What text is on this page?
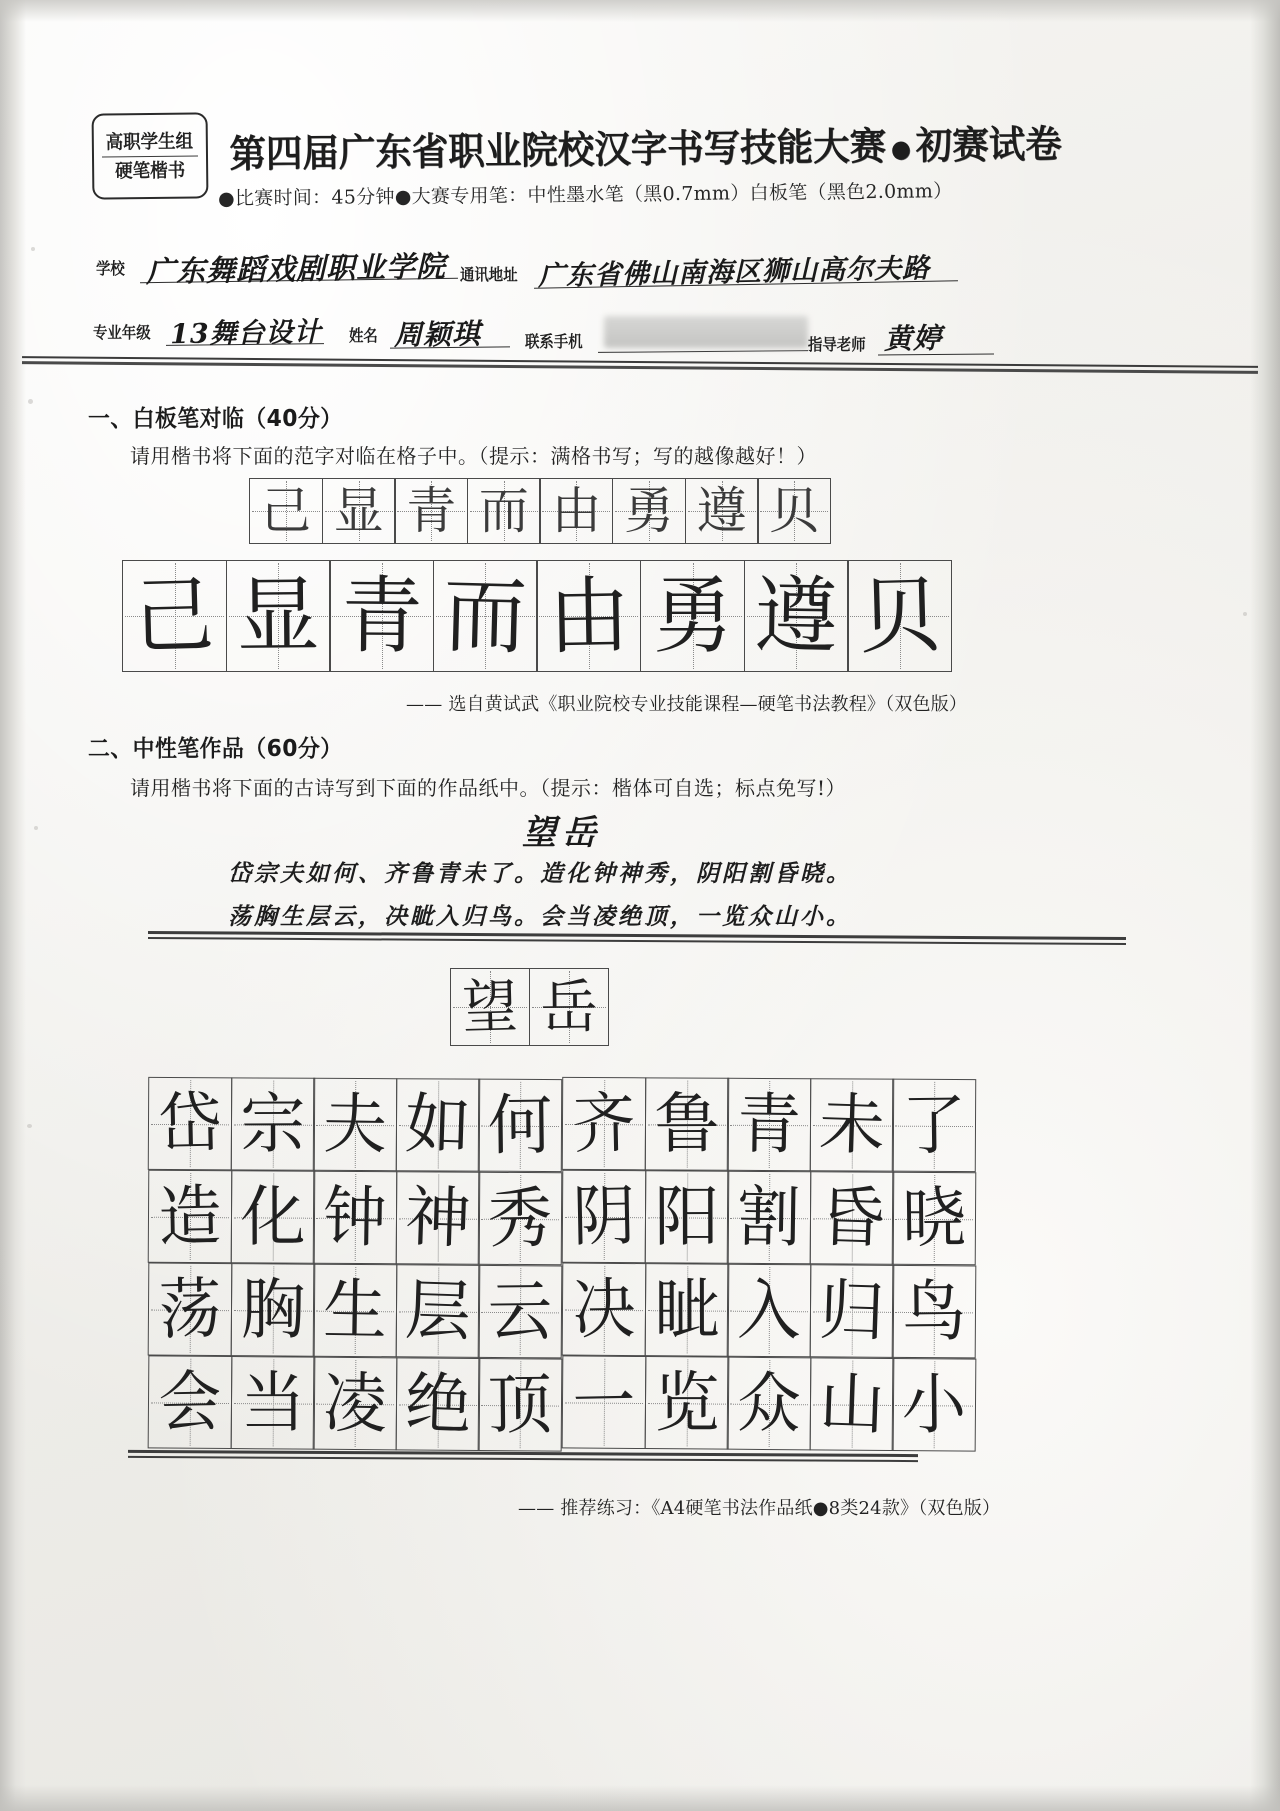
高职学生组
硬笔楷书 第四届广东省职业院校汉字书写技能大赛 ● 初赛试卷
●比赛时间：45分钟●大赛专用笔：中性墨水笔（黑0.7mm）白板笔（黑色2.0mm）
学校 广东舞蹈戏剧职业学院 通讯地址 广东省佛山南海区狮山高尔夫路
专业年级 13舞台设计 姓名 周颖琪	联系手机	指导老师 黄婷
一、白板笔对临（40分）
请用楷书将下面的范字对临在格子中。（提示：满格书写；写的越像越好！）
己 显 青 而 由 勇 遵 贝
己 显 青 而 由 勇 遵 贝
—— 选自黄试武《职业院校专业技能课程—硬笔书法教程》（双色版）
二、中性笔作品（60分）
请用楷书将下面的古诗写到下面的作品纸中。（提示：楷体可自选；标点免写!）
望岳
岱宗夫如何、齐鲁青未了。造化钟神秀，阴阳割昏晓。
荡胸生层云，决眦入归鸟。会当凌绝顶，一览众山小。
望 岳
岱 宗 夫 如 何 齐 鲁 青 未 了
造 化 钟 神 秀 阴 阳 割 昏 晓
荡 胸 生 层 云 决 眦 入 归 鸟
会 当 凌 绝 顶 一 览 众 山 小
—— 推荐练习：《A4硬笔书法作品纸●8类24款》（双色版）
